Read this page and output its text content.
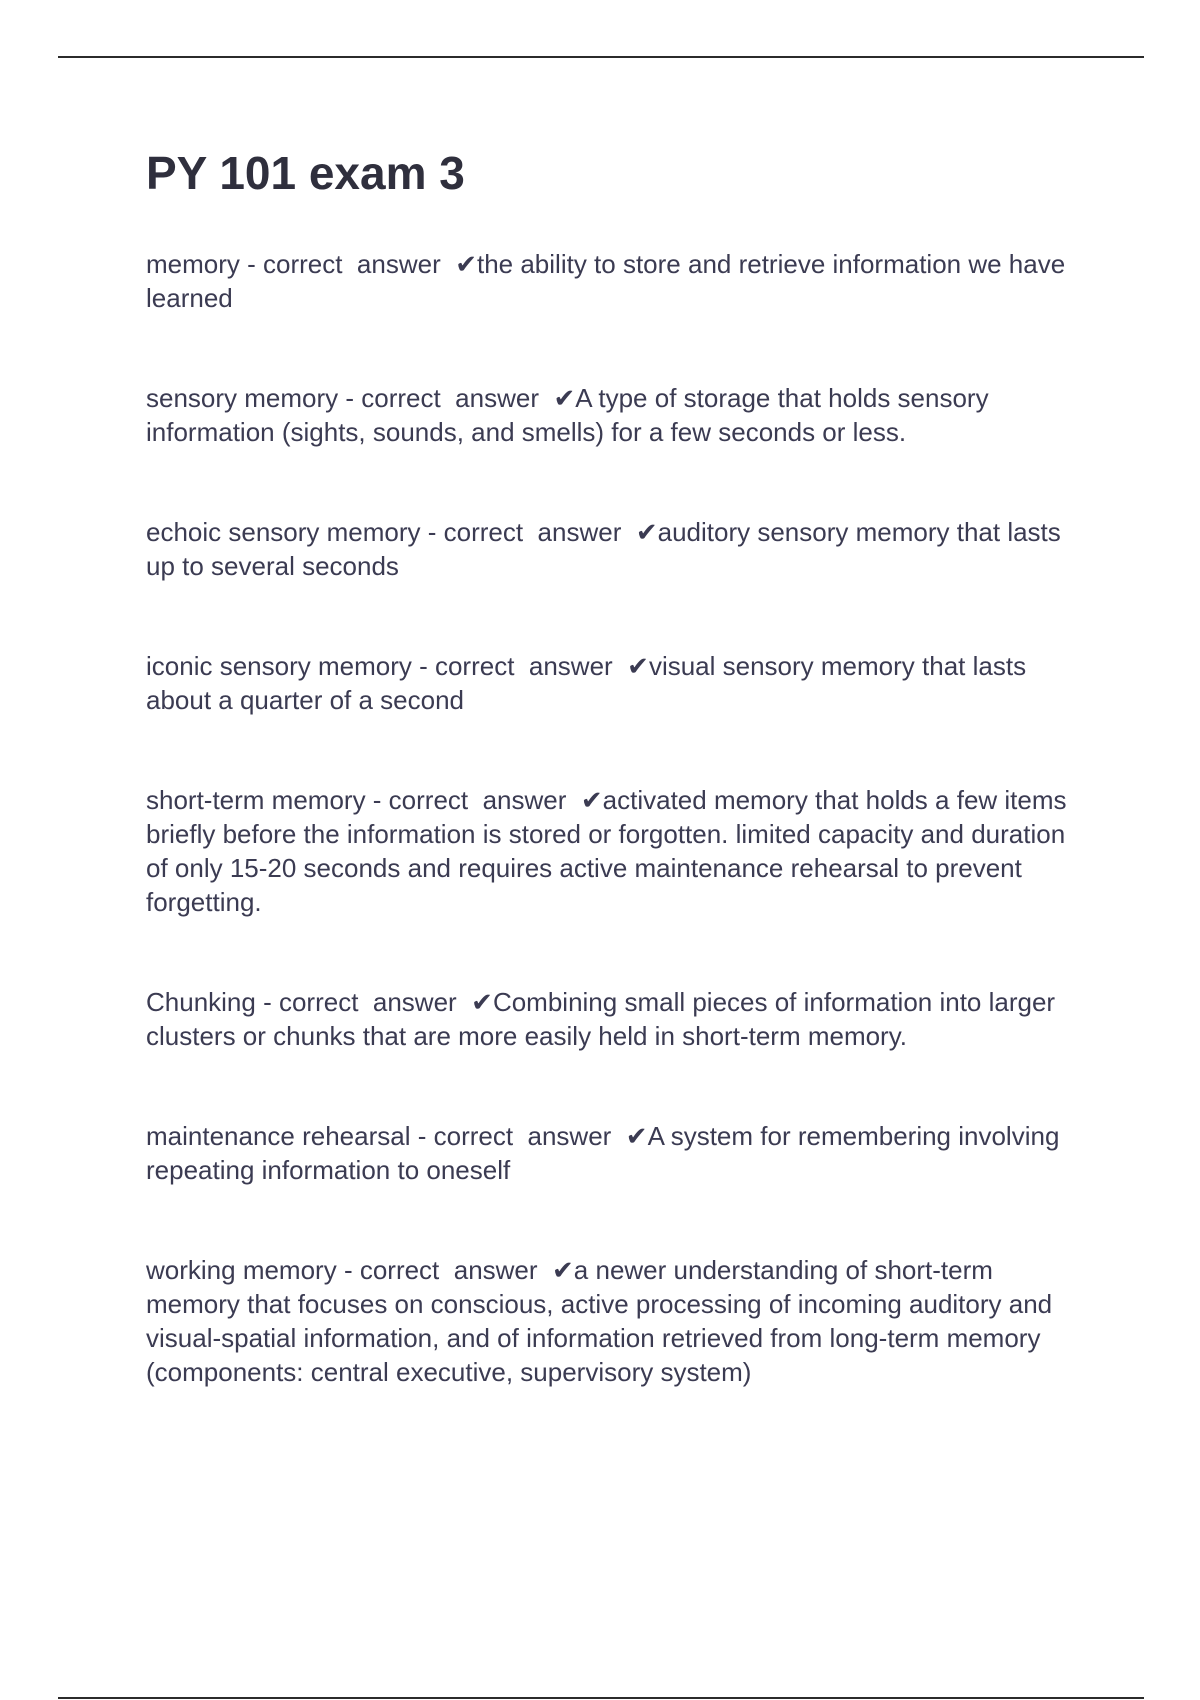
PY 101 exam 3
memory - correct  answer  ✔the ability to store and retrieve information we have learned
sensory memory - correct  answer  ✔A type of storage that holds sensory information (sights, sounds, and smells) for a few seconds or less.
echoic sensory memory - correct  answer  ✔auditory sensory memory that lasts up to several seconds
iconic sensory memory - correct  answer  ✔visual sensory memory that lasts about a quarter of a second
short-term memory - correct  answer  ✔activated memory that holds a few items briefly before the information is stored or forgotten. limited capacity and duration of only 15-20 seconds and requires active maintenance rehearsal to prevent forgetting.
Chunking - correct  answer  ✔Combining small pieces of information into larger clusters or chunks that are more easily held in short-term memory.
maintenance rehearsal - correct  answer  ✔A system for remembering involving repeating information to oneself
working memory - correct  answer  ✔a newer understanding of short-term memory that focuses on conscious, active processing of incoming auditory and visual-spatial information, and of information retrieved from long-term memory (components: central executive, supervisory system)
